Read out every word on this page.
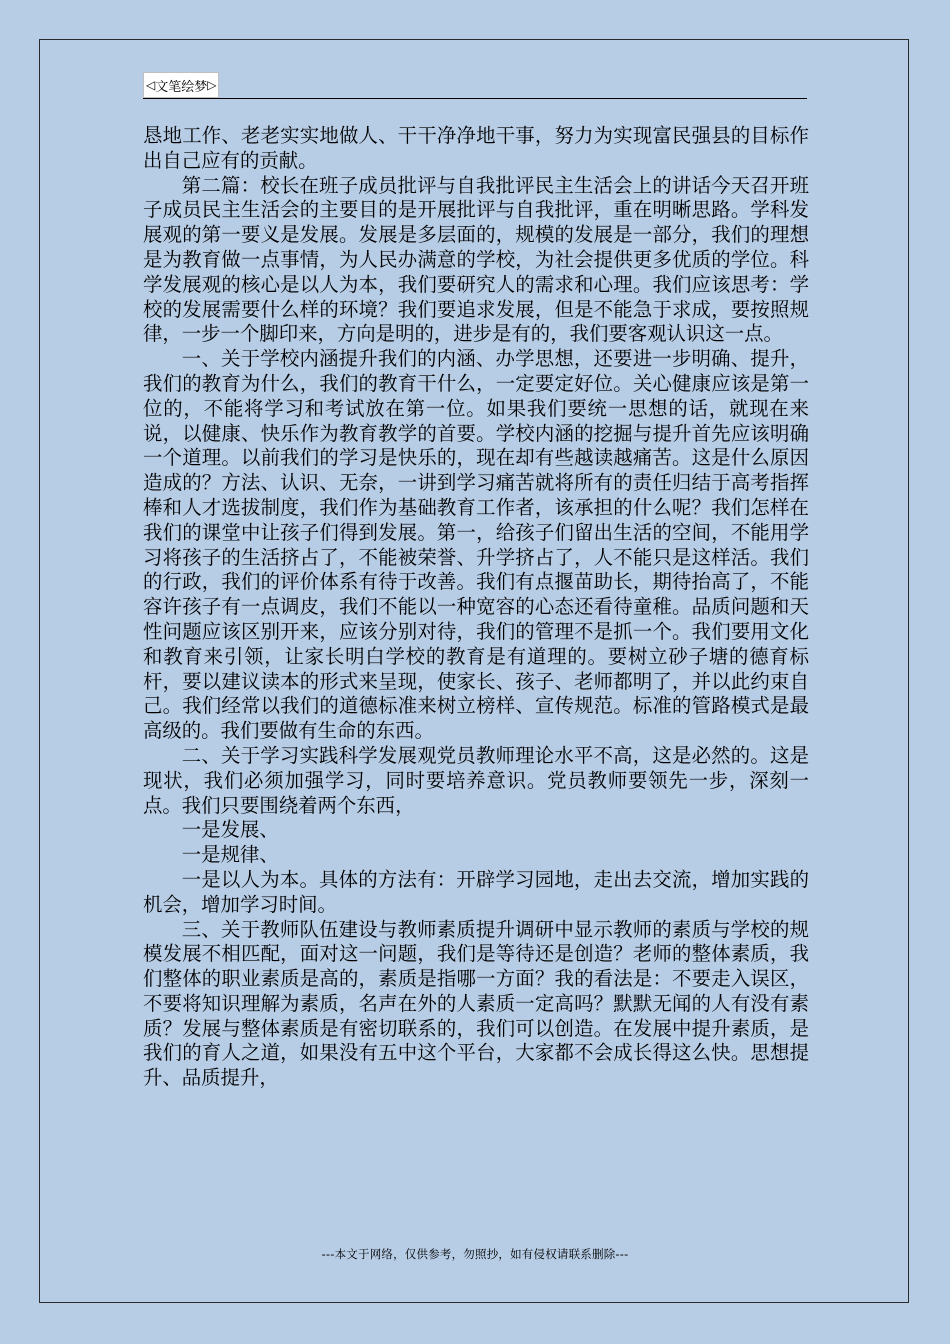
◁ 文笔绘梦 ▷

恳地工作、老老实实地做人、干干净净地干事，努力为实现富民强县的目标作出自己应有的贡献。

第二篇：校长在班子成员批评与自我批评民主生活会上的讲话今天召开班子成员民主生活会的主要目的是开展批评与自我批评，重在明晰思路。学科发展观的第一要义是发展。发展是多层面的，规模的发展是一部分，我们的理想是为教育做一点事情，为人民办满意的学校，为社会提供更多优质的学位。科学发展观的核心是以人为本，我们要研究人的需求和心理。我们应该思考：学校的发展需要什么样的环境？我们要追求发展，但是不能急于求成，要按照规律，一步一个脚印来，方向是明的，进步是有的，我们要客观认识这一点。

一、关于学校内涵提升我们的内涵、办学思想，还要进一步明确、提升，我们的教育为什么，我们的教育干什么，一定要定好位。关心健康应该是第一位的，不能将学习和考试放在第一位。如果我们要统一思想的话，就现在来说，以健康、快乐作为教育教学的首要。学校内涵的挖掘与提升首先应该明确一个道理。以前我们的学习是快乐的，现在却有些越读越痛苦。这是什么原因造成的？方法、认识、无奈，一讲到学习痛苦就将所有的责任归结于高考指挥棒和人才选拔制度，我们作为基础教育工作者，该承担的什么呢？我们怎样在我们的课堂中让孩子们得到发展。第一，给孩子们留出生活的空间，不能用学习将孩子的生活挤占了，不能被荣誉、升学挤占了，人不能只是这样活。我们的行政，我们的评价体系有待于改善。我们有点揠苗助长，期待抬高了，不能容许孩子有一点调皮，我们不能以一种宽容的心态还看待童稚。品质问题和天性问题应该区别开来，应该分别对待，我们的管理不是抓一个。我们要用文化和教育来引领，让家长明白学校的教育是有道理的。要树立砂子塘的德育标杆，要以建议读本的形式来呈现，使家长、孩子、老师都明了，并以此约束自己。我们经常以我们的道德标准来树立榜样、宣传规范。标准的管路模式是最高级的。我们要做有生命的东西。

二、关于学习实践科学发展观党员教师理论水平不高，这是必然的。这是现状，我们必须加强学习，同时要培养意识。党员教师要领先一步，深刻一点。我们只要围绕着两个东西，

一是发展、

一是规律、

一是以人为本。具体的方法有：开辟学习园地，走出去交流，增加实践的机会，增加学习时间。

三、关于教师队伍建设与教师素质提升调研中显示教师的素质与学校的规模发展不相匹配，面对这一问题，我们是等待还是创造？老师的整体素质，我们整体的职业素质是高的，素质是指哪一方面？我的看法是：不要走入误区，不要将知识理解为素质，名声在外的人素质一定高吗？默默无闻的人有没有素质？发展与整体素质是有密切联系的，我们可以创造。在发展中提升素质，是我们的育人之道，如果没有五中这个平台，大家都不会成长得这么快。思想提升、品质提升，

---本文于网络，仅供参考，勿照抄，如有侵权请联系删除---
